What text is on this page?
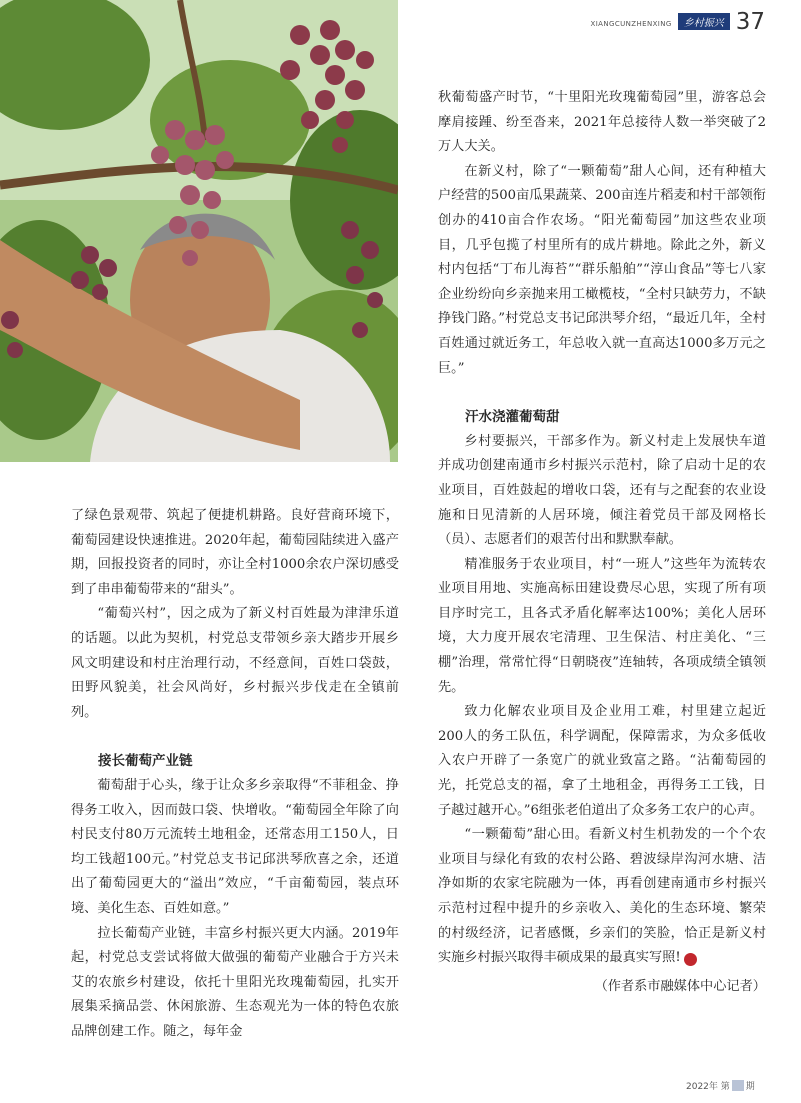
XIANGCUNZHENXING	乡村振兴 37

秋葡萄盛产时节，“十里阳光玫瑰葡萄园”里，游客总会摩肩接踵、纷至沓来，2021年总接待人数一举突破了2万人大关。

在新义村，除了“一颗葡萄”甜人心间，还有种植大户经营的500亩瓜果蔬菜、200亩连片稻麦和村干部领衔创办的410亩合作农场。“阳光葡萄园”加这些农业项目，几乎包揽了村里所有的成片耕地。除此之外，新义村内包括“丁布儿海苔”“群乐船舶”“淳山食品”等七八家企业纷纷向乡亲抛来用工橄榄枝，“全村只缺劳力，不缺挣钱门路。”村党总支书记邱洪琴介绍，“最近几年，全村百姓通过就近务工，年总收入就一直高达1000多万元之巨。”

汗水浇灌葡萄甜

乡村要振兴，干部多作为。新义村走上发展快车道并成功创建南通市乡村振兴示范村，除了启动十足的农业项目，百姓鼓起的增收口袋，还有与之配套的农业设施和日见清新的人居环境，倾注着党员干部及网格长（员）、志愿者们的艰苦付出和默默奉献。

精准服务于农业项目，村“一班人”这些年为流转农业项目用地、实施高标田建设费尽心思，实现了所有项目序时完工，且各式矛盾化解率达100%；美化人居环境，大力度开展农宅清理、卫生保洁、村庄美化、“三棚”治理，常常忙得“日朝晓夜”连轴转，各项成绩全镇领先。

致力化解农业项目及企业用工难，村里建立起近200人的务工队伍，科学调配，保障需求，为众多低收入农户开辟了一条宽广的就业致富之路。“沾葡萄园的光，托党总支的福，拿了土地租金，再得务工工钱，日子越过越开心。”6组张老伯道出了众多务工农户的心声。

“一颗葡萄”甜心田。看新义村生机勃发的一个个农业项目与绿化有致的农村公路、碧波绿岸沟河水塘、洁净如斯的农家宅院融为一体，再看创建南通市乡村振兴示范村过程中提升的乡亲收入、美化的生态环境、繁荣的村级经济，记者感慨，乡亲们的笑脸，恰正是新义村实施乡村振兴取得丰硕成果的最真实写照!	✦

（作者系市融媒体中心记者）

了绿色景观带、筑起了便捷机耕路。良好营商环境下，葡萄园建设快速推进。2020年起，葡萄园陆续进入盛产期，回报投资者的同时，亦让全村1000余农户深切感受到了串串葡萄带来的“甜头”。

“葡萄兴村”，因之成为了新义村百姓最为津津乐道的话题。以此为契机，村党总支带领乡亲大踏步开展乡风文明建设和村庄治理行动，不经意间，百姓口袋鼓，田野风貌美，社会风尚好，乡村振兴步伐走在全镇前列。

接长葡萄产业链

葡萄甜于心头，缘于让众多乡亲取得“不菲租金、挣得务工收入，因而鼓口袋、快增收。“葡萄园全年除了向村民支付80万元流转土地租金，还常态用工150人，日均工钱超100元。”村党总支书记邱洪琴欣喜之余，还道出了葡萄园更大的“溢出”效应，“千亩葡萄园，装点环境、美化生态、百姓如意。”

拉长葡萄产业链，丰富乡村振兴更大内涵。2019年起，村党总支尝试将做大做强的葡萄产业融合于方兴未艾的农旅乡村建设，依托十里阳光玫瑰葡萄园，扎实开展集采摘品尝、休闲旅游、生态观光为一体的特色农旅品牌创建工作。随之，每年金

2022年 第 期
